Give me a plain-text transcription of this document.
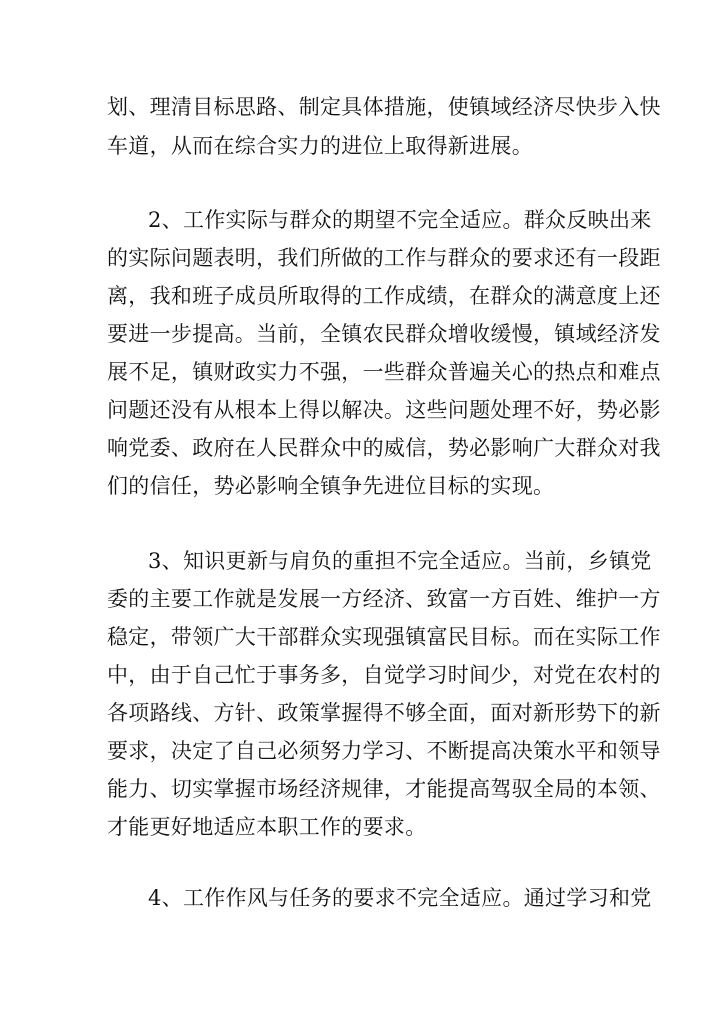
划、理清目标思路、制定具体措施，使镇域经济尽快步入快
车道，从而在综合实力的进位上取得新进展。
2、工作实际与群众的期望不完全适应。群众反映出来
的实际问题表明，我们所做的工作与群众的要求还有一段距
离，我和班子成员所取得的工作成绩，在群众的满意度上还
要进一步提高。当前，全镇农民群众增收缓慢，镇域经济发
展不足，镇财政实力不强，一些群众普遍关心的热点和难点
问题还没有从根本上得以解决。这些问题处理不好，势必影
响党委、政府在人民群众中的威信，势必影响广大群众对我
们的信任，势必影响全镇争先进位目标的实现。
3、知识更新与肩负的重担不完全适应。当前，乡镇党
委的主要工作就是发展一方经济、致富一方百姓、维护一方
稳定，带领广大干部群众实现强镇富民目标。而在实际工作
中，由于自己忙于事务多，自觉学习时间少，对党在农村的
各项路线、方针、政策掌握得不够全面，面对新形势下的新
要求，决定了自己必须努力学习、不断提高决策水平和领导
能力、切实掌握市场经济规律，才能提高驾驭全局的本领、
才能更好地适应本职工作的要求。
4、工作作风与任务的要求不完全适应。通过学习和党
